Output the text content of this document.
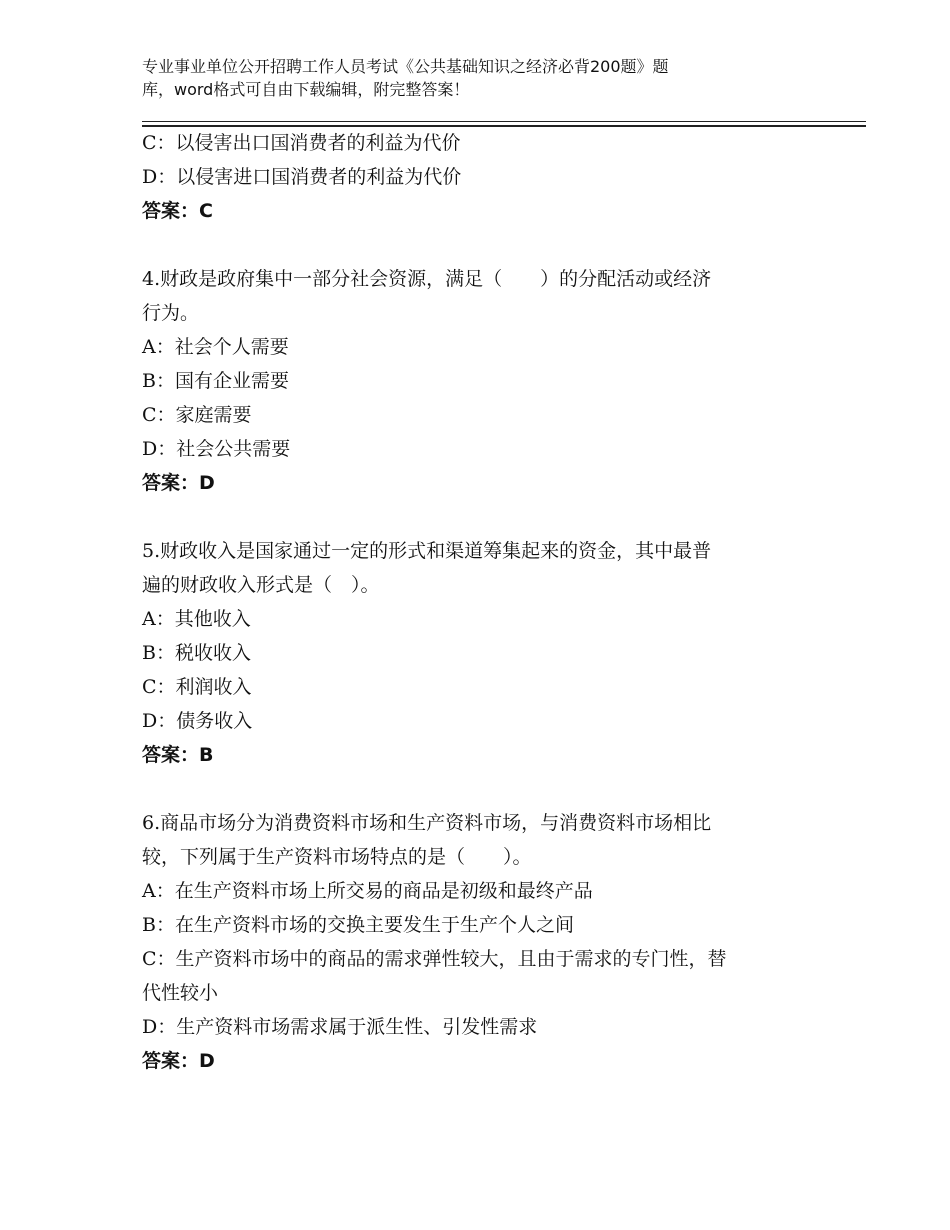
专业事业单位公开招聘工作人员考试《公共基础知识之经济必背200题》题
库，word格式可自由下载编辑，附完整答案！

C：以侵害出口国消费者的利益为代价

D：以侵害进口国消费者的利益为代价

答案：C

4.财政是政府集中一部分社会资源，满足（　　）的分配活动或经济

行为。

A：社会个人需要

B：国有企业需要

C：家庭需要

D：社会公共需要

答案：D

5.财政收入是国家通过一定的形式和渠道筹集起来的资金，其中最普

遍的财政收入形式是（　）。

A：其他收入

B：税收收入

C：利润收入

D：债务收入

答案：B

6.商品市场分为消费资料市场和生产资料市场，与消费资料市场相比

较，下列属于生产资料市场特点的是（　　）。

A：在生产资料市场上所交易的商品是初级和最终产品

B：在生产资料市场的交换主要发生于生产个人之间

C：生产资料市场中的商品的需求弹性较大，且由于需求的专门性，替

代性较小

D：生产资料市场需求属于派生性、引发性需求

答案：D
